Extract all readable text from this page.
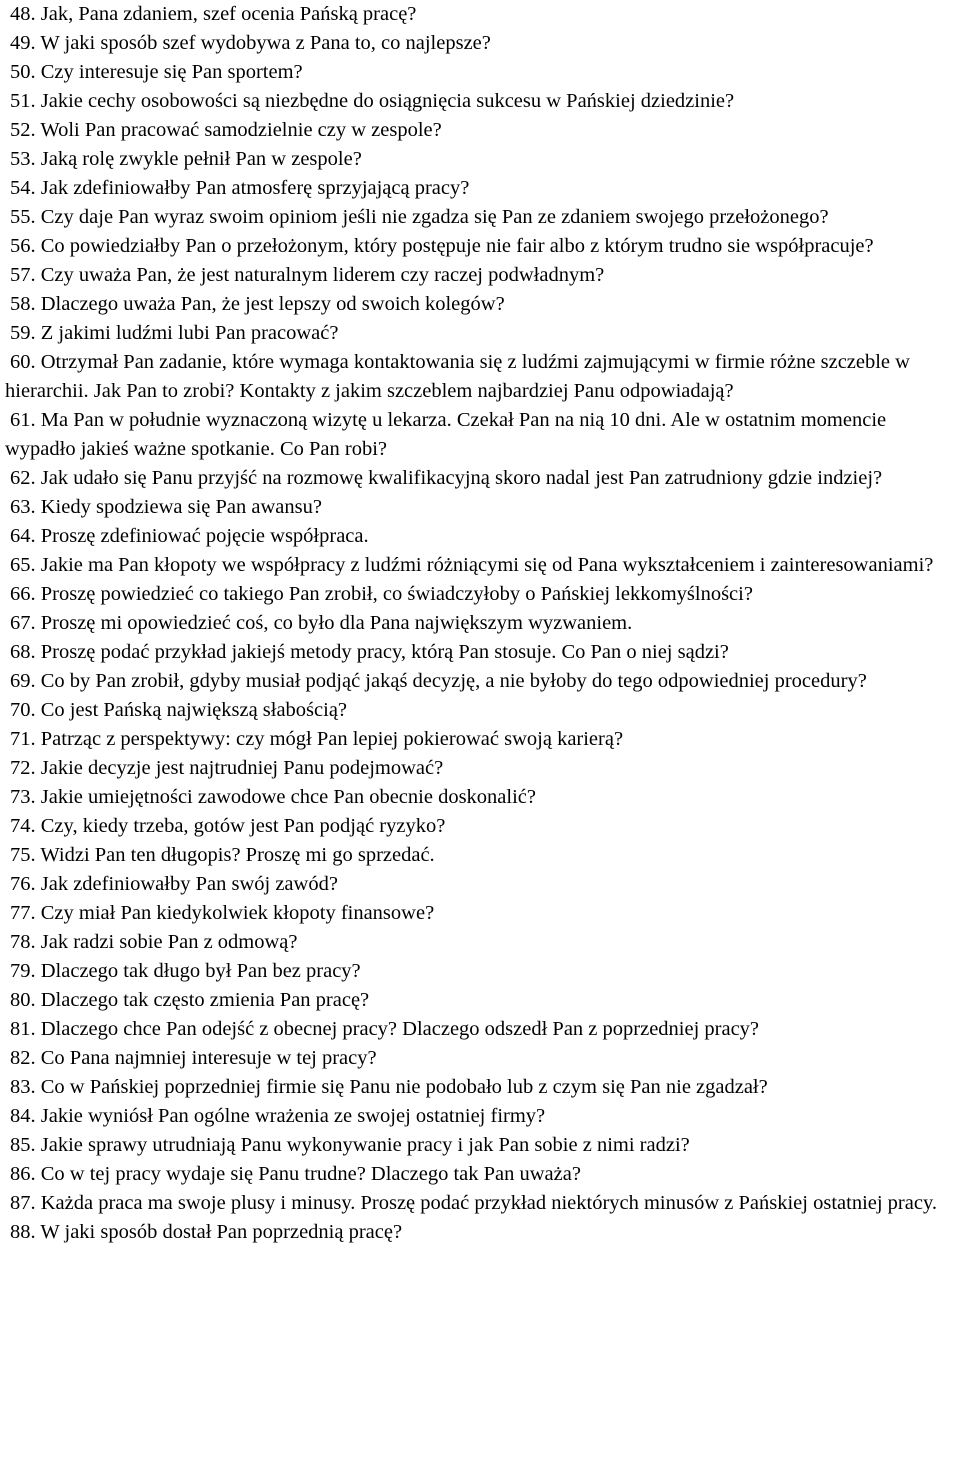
48. Jak, Pana zdaniem, szef ocenia Pańską pracę?
49. W jaki sposób szef wydobywa z Pana to, co najlepsze?
50. Czy interesuje się Pan sportem?
51. Jakie cechy osobowości są niezbędne do osiągnięcia sukcesu w Pańskiej dziedzinie?
52. Woli Pan pracować samodzielnie czy w zespole?
53. Jaką rolę zwykle pełnił Pan w zespole?
54. Jak zdefiniowałby Pan atmosferę sprzyjającą pracy?
55. Czy daje Pan wyraz swoim opiniom jeśli nie zgadza się Pan ze zdaniem swojego przełożonego?
56. Co powiedziałby Pan o przełożonym, który postępuje nie fair albo z którym trudno sie współpracuje?
57. Czy uważa Pan, że jest naturalnym liderem czy raczej podwładnym?
58. Dlaczego uważa Pan, że jest lepszy od swoich kolegów?
59. Z jakimi ludźmi lubi Pan pracować?
60. Otrzymał Pan zadanie, które wymaga kontaktowania się z ludźmi zajmującymi w firmie różne szczeble w hierarchii. Jak Pan to zrobi? Kontakty z jakim szczeblem najbardziej Panu odpowiadają?
61. Ma Pan w południe wyznaczoną wizytę u lekarza. Czekał Pan na nią 10 dni. Ale w ostatnim momencie wypadło jakieś ważne spotkanie. Co Pan robi?
62. Jak udało się Panu przyjść na rozmowę kwalifikacyjną skoro nadal jest Pan zatrudniony gdzie indziej?
63. Kiedy spodziewa się Pan awansu?
64. Proszę zdefiniować pojęcie współpraca.
65. Jakie ma Pan kłopoty we współpracy z ludźmi różniącymi się od Pana wykształceniem i zainteresowaniami?
66. Proszę powiedzieć co takiego Pan zrobił, co świadczyłoby o Pańskiej lekkomyślności?
67. Proszę mi opowiedzieć coś, co było dla Pana największym wyzwaniem.
68. Proszę podać przykład jakiejś metody pracy, którą Pan stosuje. Co Pan o niej sądzi?
69. Co by Pan zrobił, gdyby musiał podjąć jakąś decyzję, a nie byłoby do tego odpowiedniej procedury?
70. Co jest Pańską największą słabością?
71. Patrząc z perspektywy: czy mógł Pan lepiej pokierować swoją karierą?
72. Jakie decyzje jest najtrudniej Panu podejmować?
73. Jakie umiejętności zawodowe chce Pan obecnie doskonalić?
74. Czy, kiedy trzeba, gotów jest Pan podjąć ryzyko?
75. Widzi Pan ten długopis? Proszę mi go sprzedać.
76. Jak zdefiniowałby Pan swój zawód?
77. Czy miał Pan kiedykolwiek kłopoty finansowe?
78. Jak radzi sobie Pan z odmową?
79. Dlaczego tak długo był Pan bez pracy?
80. Dlaczego tak często zmienia Pan pracę?
81. Dlaczego chce Pan odejść z obecnej pracy? Dlaczego odszedł Pan z poprzedniej pracy?
82. Co Pana najmniej interesuje w tej pracy?
83. Co w Pańskiej poprzedniej firmie się Panu nie podobało lub z czym się Pan nie zgadzał?
84. Jakie wyniósł Pan ogólne wrażenia ze swojej ostatniej firmy?
85. Jakie sprawy utrudniają Panu wykonywanie pracy i jak Pan sobie z nimi radzi?
86. Co w tej pracy wydaje się Panu trudne? Dlaczego tak Pan uważa?
87. Każda praca ma swoje plusy i minusy. Proszę podać przykład niektórych minusów z Pańskiej ostatniej pracy.
88. W jaki sposób dostał Pan poprzednią pracę?
